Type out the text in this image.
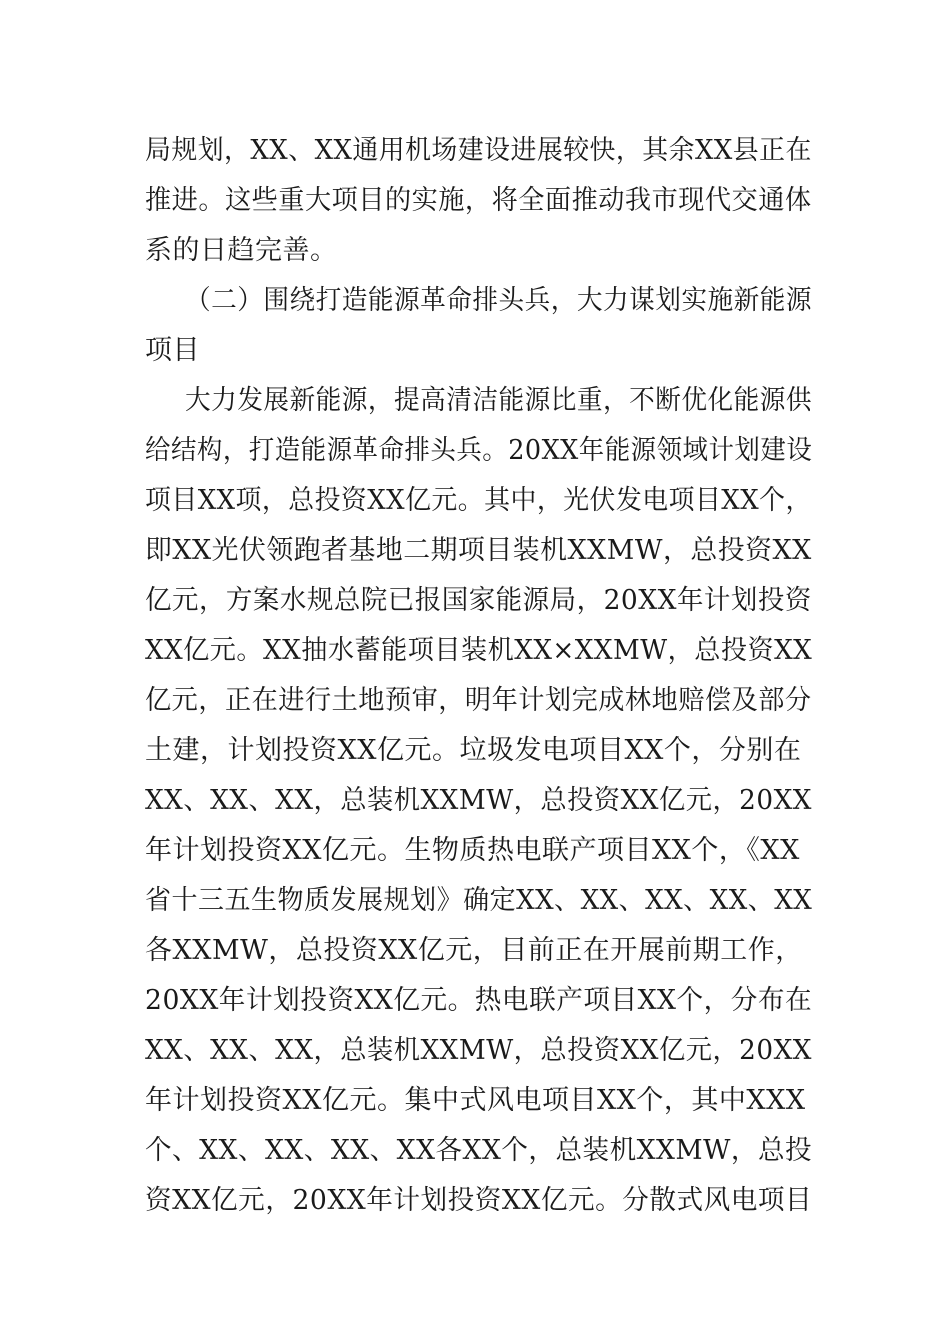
局规划，XX、XX通用机场建设进展较快，其余XX县正在
推进。这些重大项目的实施，将全面推动我市现代交通体
系的日趋完善。
（二）围绕打造能源革命排头兵，大力谋划实施新能源
项目
大力发展新能源，提高清洁能源比重，不断优化能源供
给结构，打造能源革命排头兵。20XX年能源领域计划建设
项目XX项，总投资XX亿元。其中，光伏发电项目XX个，
即XX光伏领跑者基地二期项目装机XXMW，总投资XX
亿元，方案水规总院已报国家能源局，20XX年计划投资
XX亿元。XX抽水蓄能项目装机XX×XXMW，总投资XX
亿元，正在进行土地预审，明年计划完成林地赔偿及部分
土建，计划投资XX亿元。垃圾发电项目XX个，分别在
XX、XX、XX，总装机XXMW，总投资XX亿元，20XX
年计划投资XX亿元。生物质热电联产项目XX个，《XX
省十三五生物质发展规划》确定XX、XX、XX、XX、XX
各XXMW，总投资XX亿元，目前正在开展前期工作，
20XX年计划投资XX亿元。热电联产项目XX个，分布在
XX、XX、XX，总装机XXMW，总投资XX亿元，20XX
年计划投资XX亿元。集中式风电项目XX个，其中XXX
个、XX、XX、XX、XX各XX个，总装机XXMW，总投
资XX亿元，20XX年计划投资XX亿元。分散式风电项目
